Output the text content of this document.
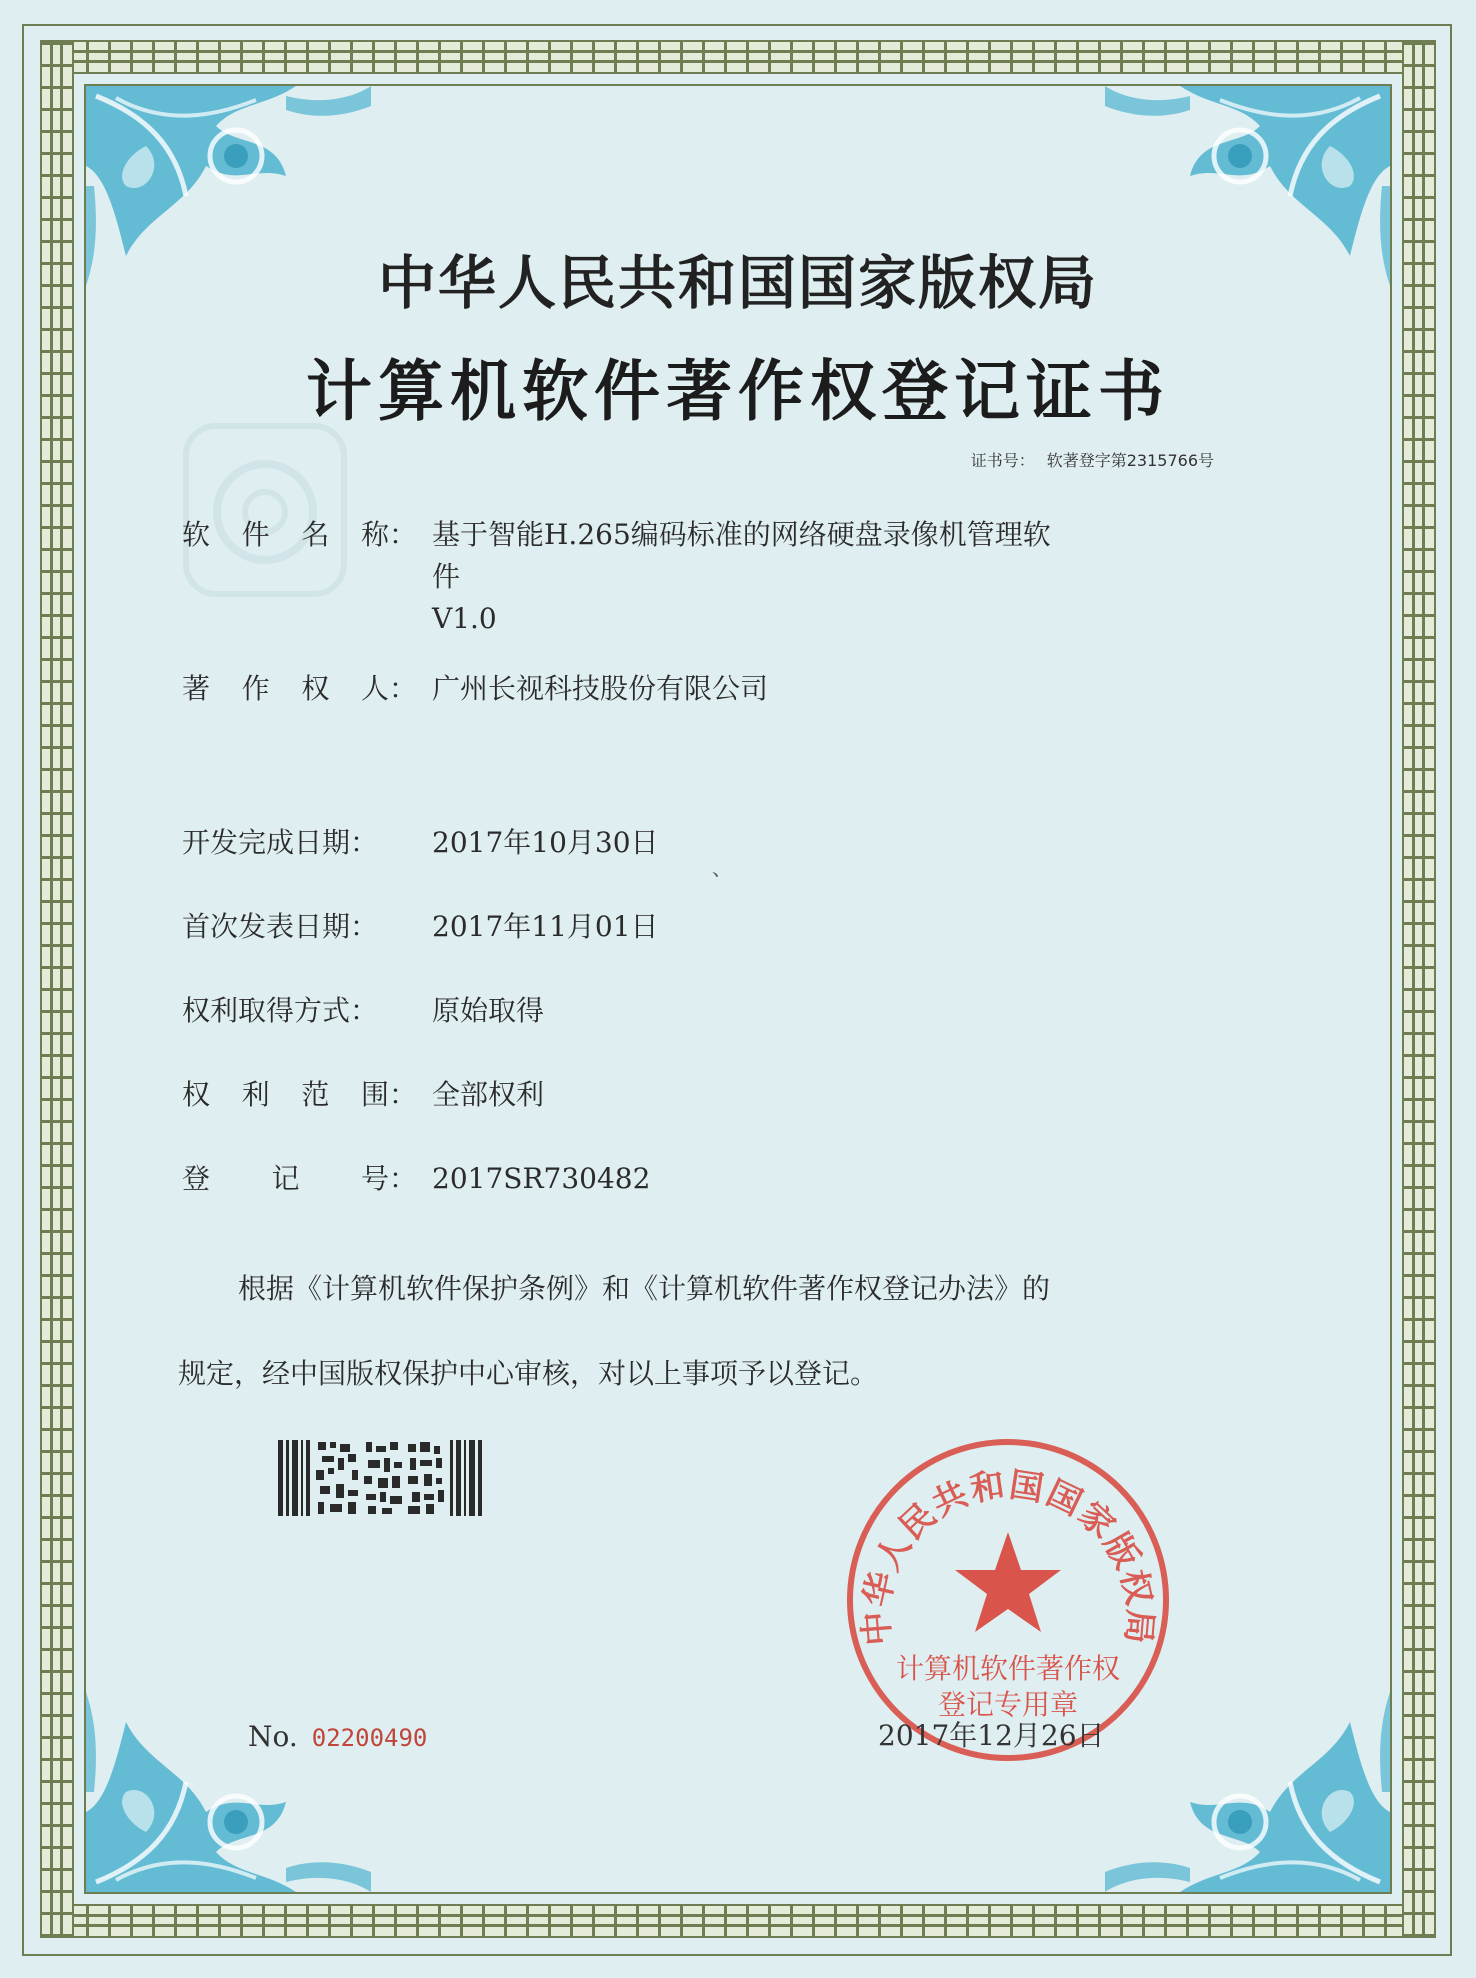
中华人民共和国国家版权局
计算机软件著作权登记证书
证书号： 软著登字第2315766号
软 件 名 称： 基于智能H.265编码标准的网络硬盘录像机管理软
件
V1.0
著 作 权 人： 广州长视科技股份有限公司
开发完成日期： 2017年10月30日
、
首次发表日期： 2017年11月01日
权利取得方式： 原始取得
权 利 范 围： 全部权利
登 记 号： 2017SR730482
根据《计算机软件保护条例》和《计算机软件著作权登记办法》的
规定，经中国版权保护中心审核，对以上事项予以登记。
中华人民共和国国家版权局
计算机软件著作权
登记专用章
No. 02200490	2017年12月26日
